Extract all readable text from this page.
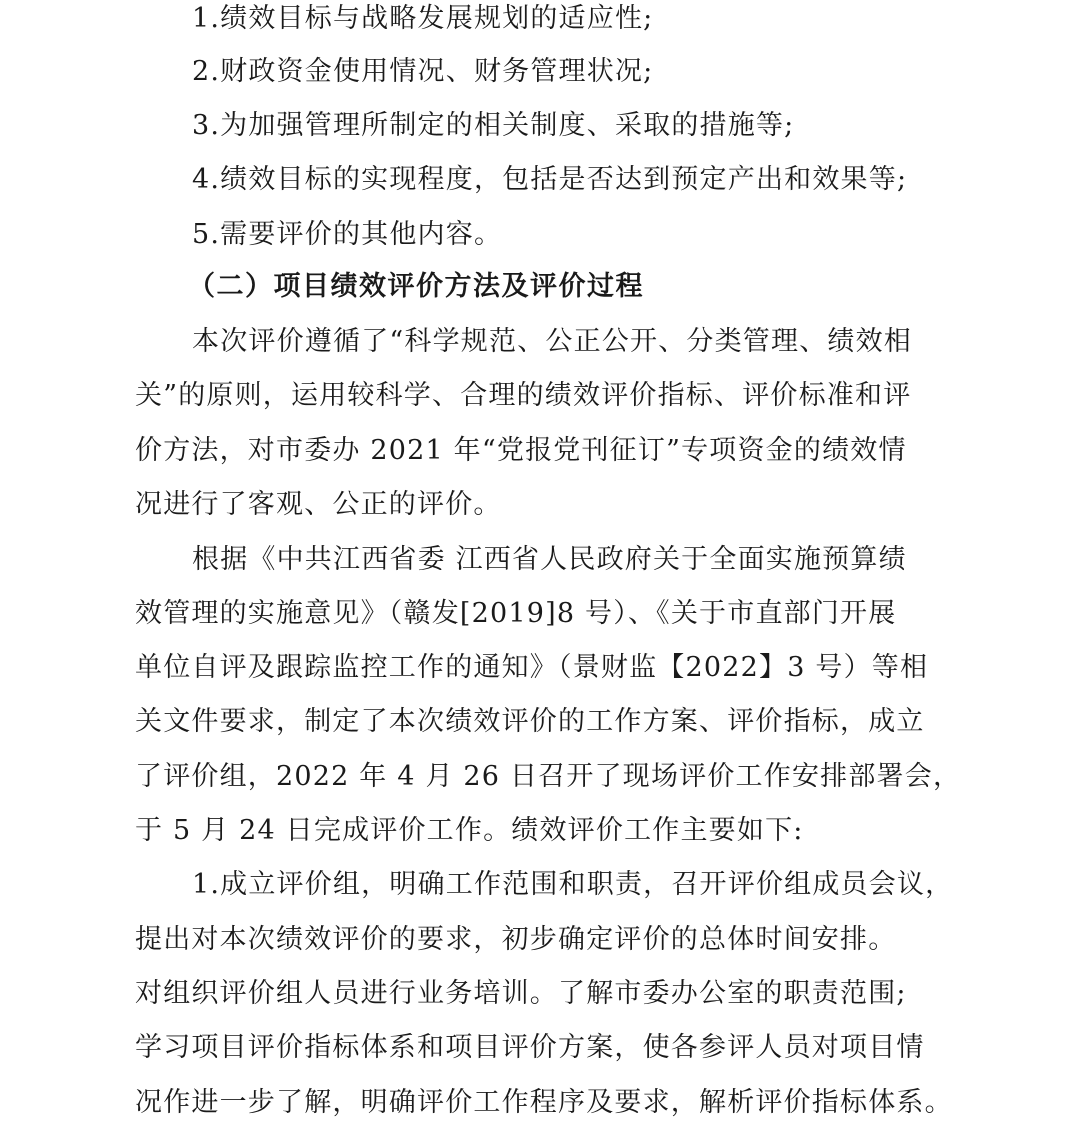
1.绩效目标与战略发展规划的适应性;
2.财政资金使用情况、财务管理状况;
3.为加强管理所制定的相关制度、采取的措施等;
4.绩效目标的实现程度，包括是否达到预定产出和效果等;
5.需要评价的其他内容。
（二）项目绩效评价方法及评价过程
本次评价遵循了“科学规范、公正公开、分类管理、绩效相
关”的原则，运用较科学、合理的绩效评价指标、评价标准和评
价方法，对市委办 2021 年“党报党刊征订”专项资金的绩效情
况进行了客观、公正的评价。
根据《中共江西省委 江西省人民政府关于全面实施预算绩
效管理的实施意见》（赣发[2019]8 号）、《关于市直部门开展
单位自评及跟踪监控工作的通知》（景财监【2022】3 号）等相
关文件要求，制定了本次绩效评价的工作方案、评价指标，成立
了评价组，2022 年 4 月 26 日召开了现场评价工作安排部署会，
于 5 月 24 日完成评价工作。绩效评价工作主要如下:
1.成立评价组，明确工作范围和职责，召开评价组成员会议，
提出对本次绩效评价的要求，初步确定评价的总体时间安排。
对组织评价组人员进行业务培训。了解市委办公室的职责范围;
学习项目评价指标体系和项目评价方案，使各参评人员对项目情
况作进一步了解，明确评价工作程序及要求，解析评价指标体系。
